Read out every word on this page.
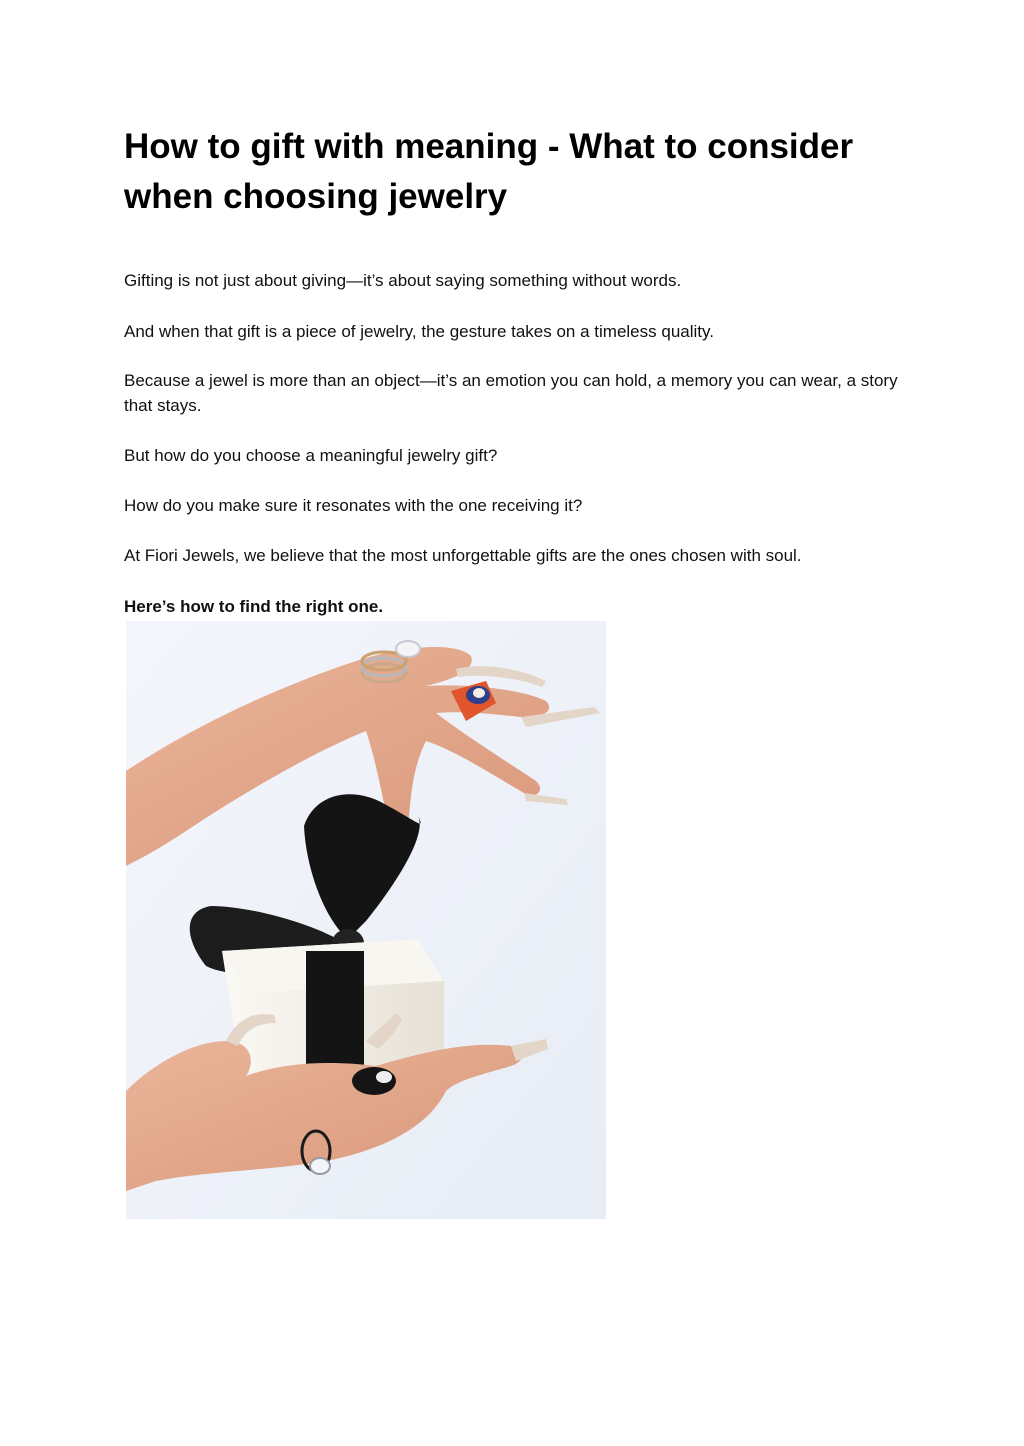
How to gift with meaning - What to consider when choosing jewelry

Gifting is not just about giving—it’s about saying something without words.

And when that gift is a piece of jewelry, the gesture takes on a timeless quality.

Because a jewel is more than an object—it’s an emotion you can hold, a memory you can wear, a story that stays.

But how do you choose a meaningful jewelry gift?

How do you make sure it resonates with the one receiving it?

At Fiori Jewels, we believe that the most unforgettable gifts are the ones chosen with soul.

Here’s how to find the right one.
